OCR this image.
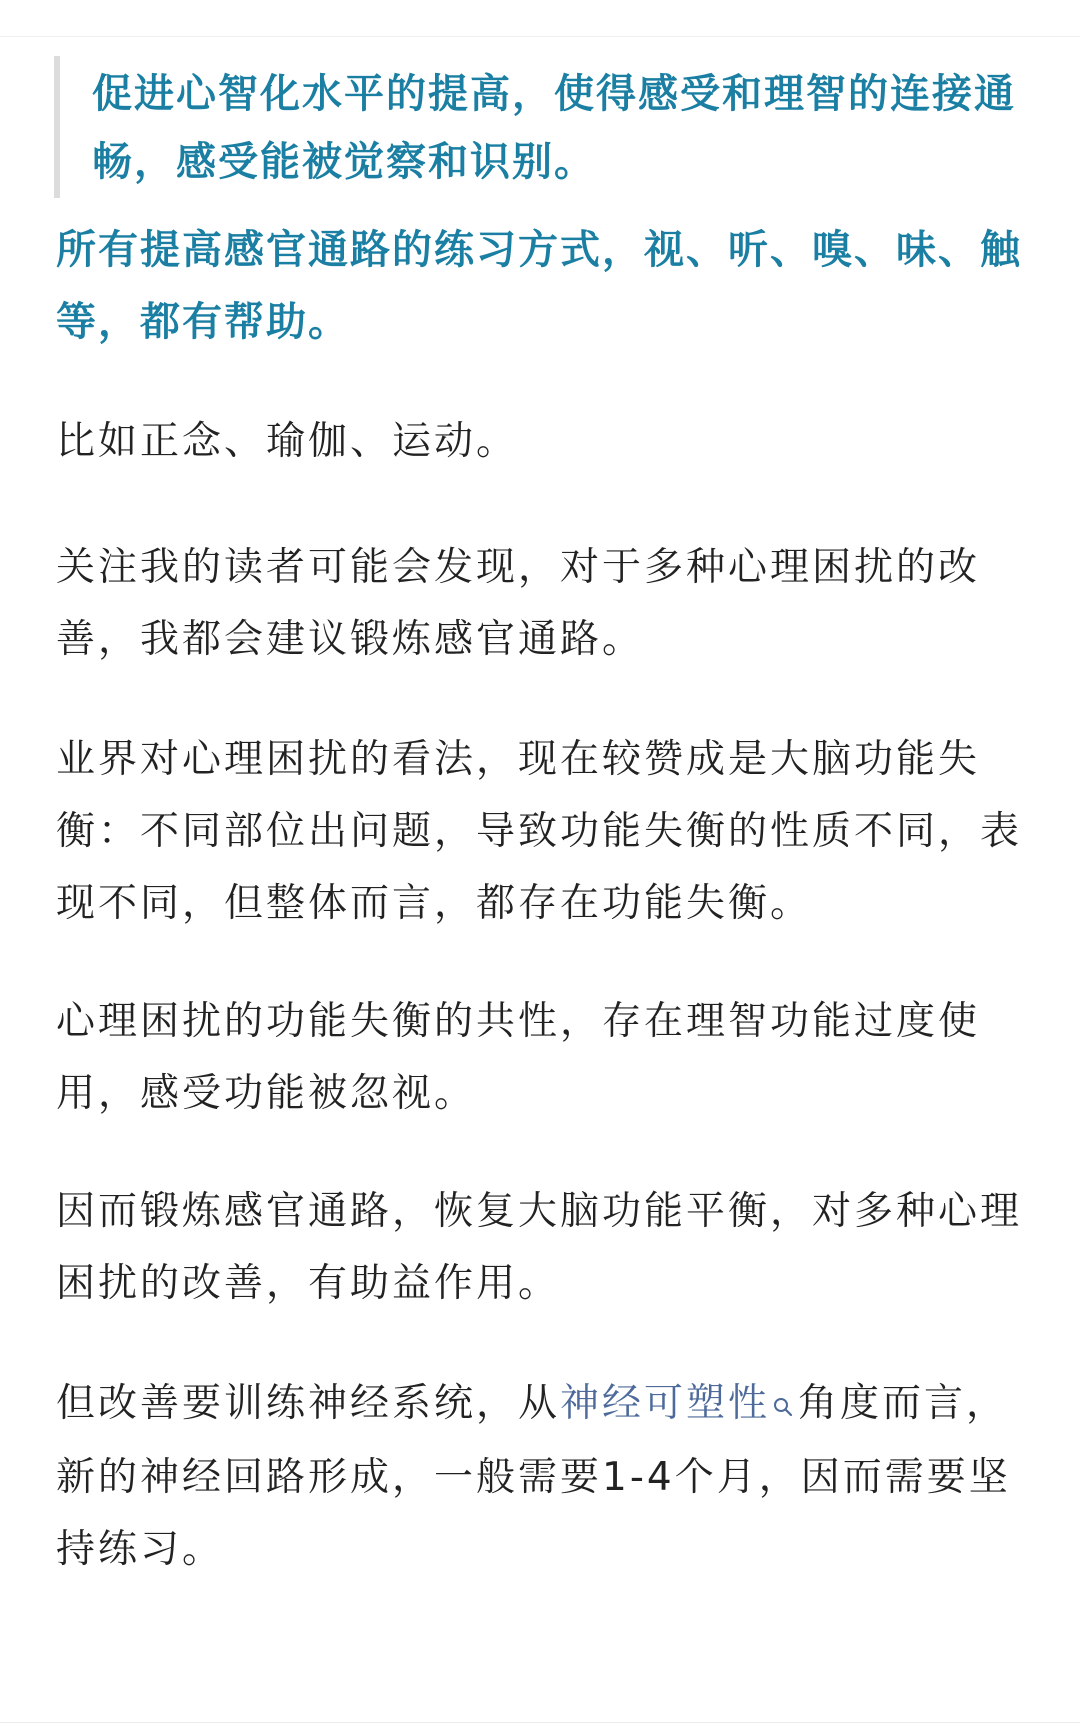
促进心智化水平的提高，使得感受和理智的连接通畅，感受能被觉察和识别。

所有提高感官通路的练习方式，视、听、嗅、味、触等，都有帮助。

比如正念、瑜伽、运动。

关注我的读者可能会发现，对于多种心理困扰的改善，我都会建议锻炼感官通路。

业界对心理困扰的看法，现在较赞成是大脑功能失衡：不同部位出问题，导致功能失衡的性质不同，表现不同，但整体而言，都存在功能失衡。

心理困扰的功能失衡的共性，存在理智功能过度使用，感受功能被忽视。

因而锻炼感官通路，恢复大脑功能平衡，对多种心理困扰的改善，有助益作用。

但改善要训练神经系统，从神经可塑性 角度而言，新的神经回路形成，一般需要1-4个月，因而需要坚持练习。
